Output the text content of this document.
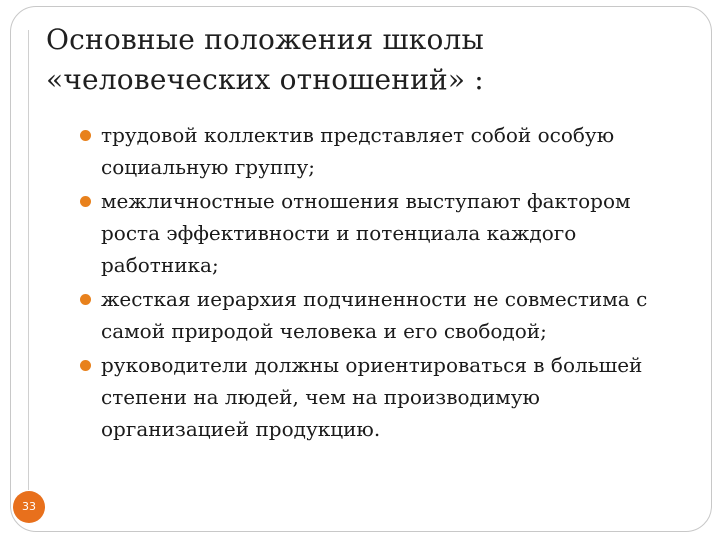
Основные положения школы
«человеческих отношений» :
трудовой коллектив представляет собой особую социальную группу;
межличностные отношения выступают фактором роста эффективности и потенциала каждого работника;
жесткая иерархия подчиненности не совместима с самой природой человека и его свободой;
руководители должны ориентироваться в большей степени на людей, чем на производимую организацией продукцию.
33
